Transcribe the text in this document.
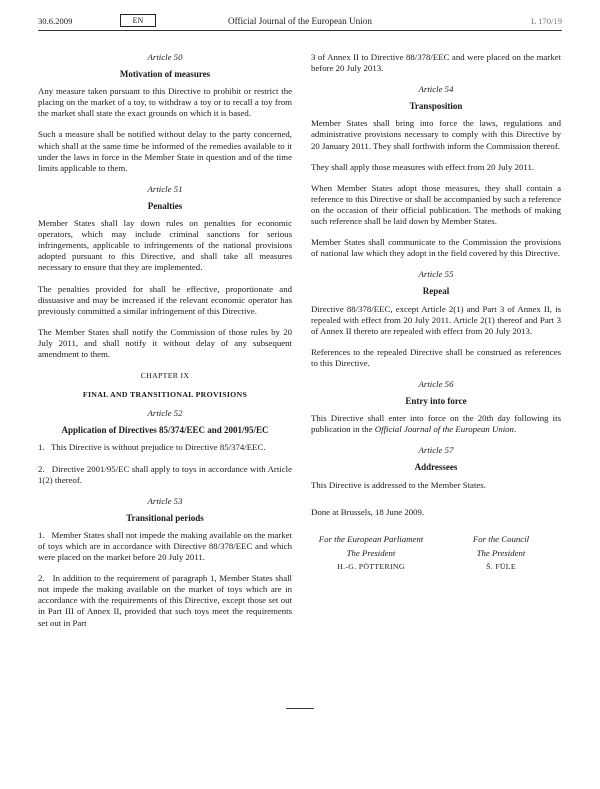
30.6.2009	EN	Official Journal of the European Union	L 170/19
Article 50
Motivation of measures

Any measure taken pursuant to this Directive to prohibit or restrict the placing on the market of a toy, to withdraw a toy or to recall a toy from the market shall state the exact grounds on which it is based.

Such a measure shall be notified without delay to the party concerned, which shall at the same time be informed of the remedies available to it under the laws in force in the Member State in question and of the time limits applicable to them.

Article 51
Penalties

Member States shall lay down rules on penalties for economic operators, which may include criminal sanctions for serious infringements, applicable to infringements of the national provisions adopted pursuant to this Directive, and shall take all measures necessary to ensure that they are implemented.

The penalties provided for shall be effective, proportionate and dissuasive and may be increased if the relevant economic operator has previously committed a similar infringement of this Directive.

The Member States shall notify the Commission of those rules by 20 July 2011, and shall notify it without delay of any subsequent amendment to them.

CHAPTER IX
FINAL AND TRANSITIONAL PROVISIONS
Article 52
Application of Directives 85/374/EEC and 2001/95/EC

1.   This Directive is without prejudice to Directive 85/374/EEC.

2.   Directive 2001/95/EC shall apply to toys in accordance with Article 1(2) thereof.

Article 53
Transitional periods

1.   Member States shall not impede the making available on the market of toys which are in accordance with Directive 88/378/EEC and which were placed on the market before 20 July 2011.

2.   In addition to the requirement of paragraph 1, Member States shall not impede the making available on the market of toys which are in accordance with the requirements of this Directive, except those set out in Part III of Annex II, provided that such toys meet the requirements set out in Part

3 of Annex II to Directive 88/378/EEC and were placed on the market before 20 July 2013.

Article 54
Transposition

Member States shall bring into force the laws, regulations and administrative provisions necessary to comply with this Directive by 20 January 2011. They shall forthwith inform the Commission thereof.

They shall apply those measures with effect from 20 July 2011.

When Member States adopt those measures, they shall contain a reference to this Directive or shall be accompanied by such a reference on the occasion of their official publication. The methods of making such reference shall be laid down by Member States.

Member States shall communicate to the Commission the provisions of national law which they adopt in the field covered by this Directive.

Article 55
Repeal

Directive 88/378/EEC, except Article 2(1) and Part 3 of Annex II, is repealed with effect from 20 July 2011. Article 2(1) thereof and Part 3 of Annex II thereto are repealed with effect from 20 July 2013.

References to the repealed Directive shall be construed as references to this Directive.

Article 56
Entry into force

This Directive shall enter into force on the 20th day following its publication in the Official Journal of the European Union.

Article 57
Addressees

This Directive is addressed to the Member States.

Done at Brussels, 18 June 2009.

For the European Parliament
The President
H.-G. PÖTTERING
For the Council
The President
Š. FÜLE
